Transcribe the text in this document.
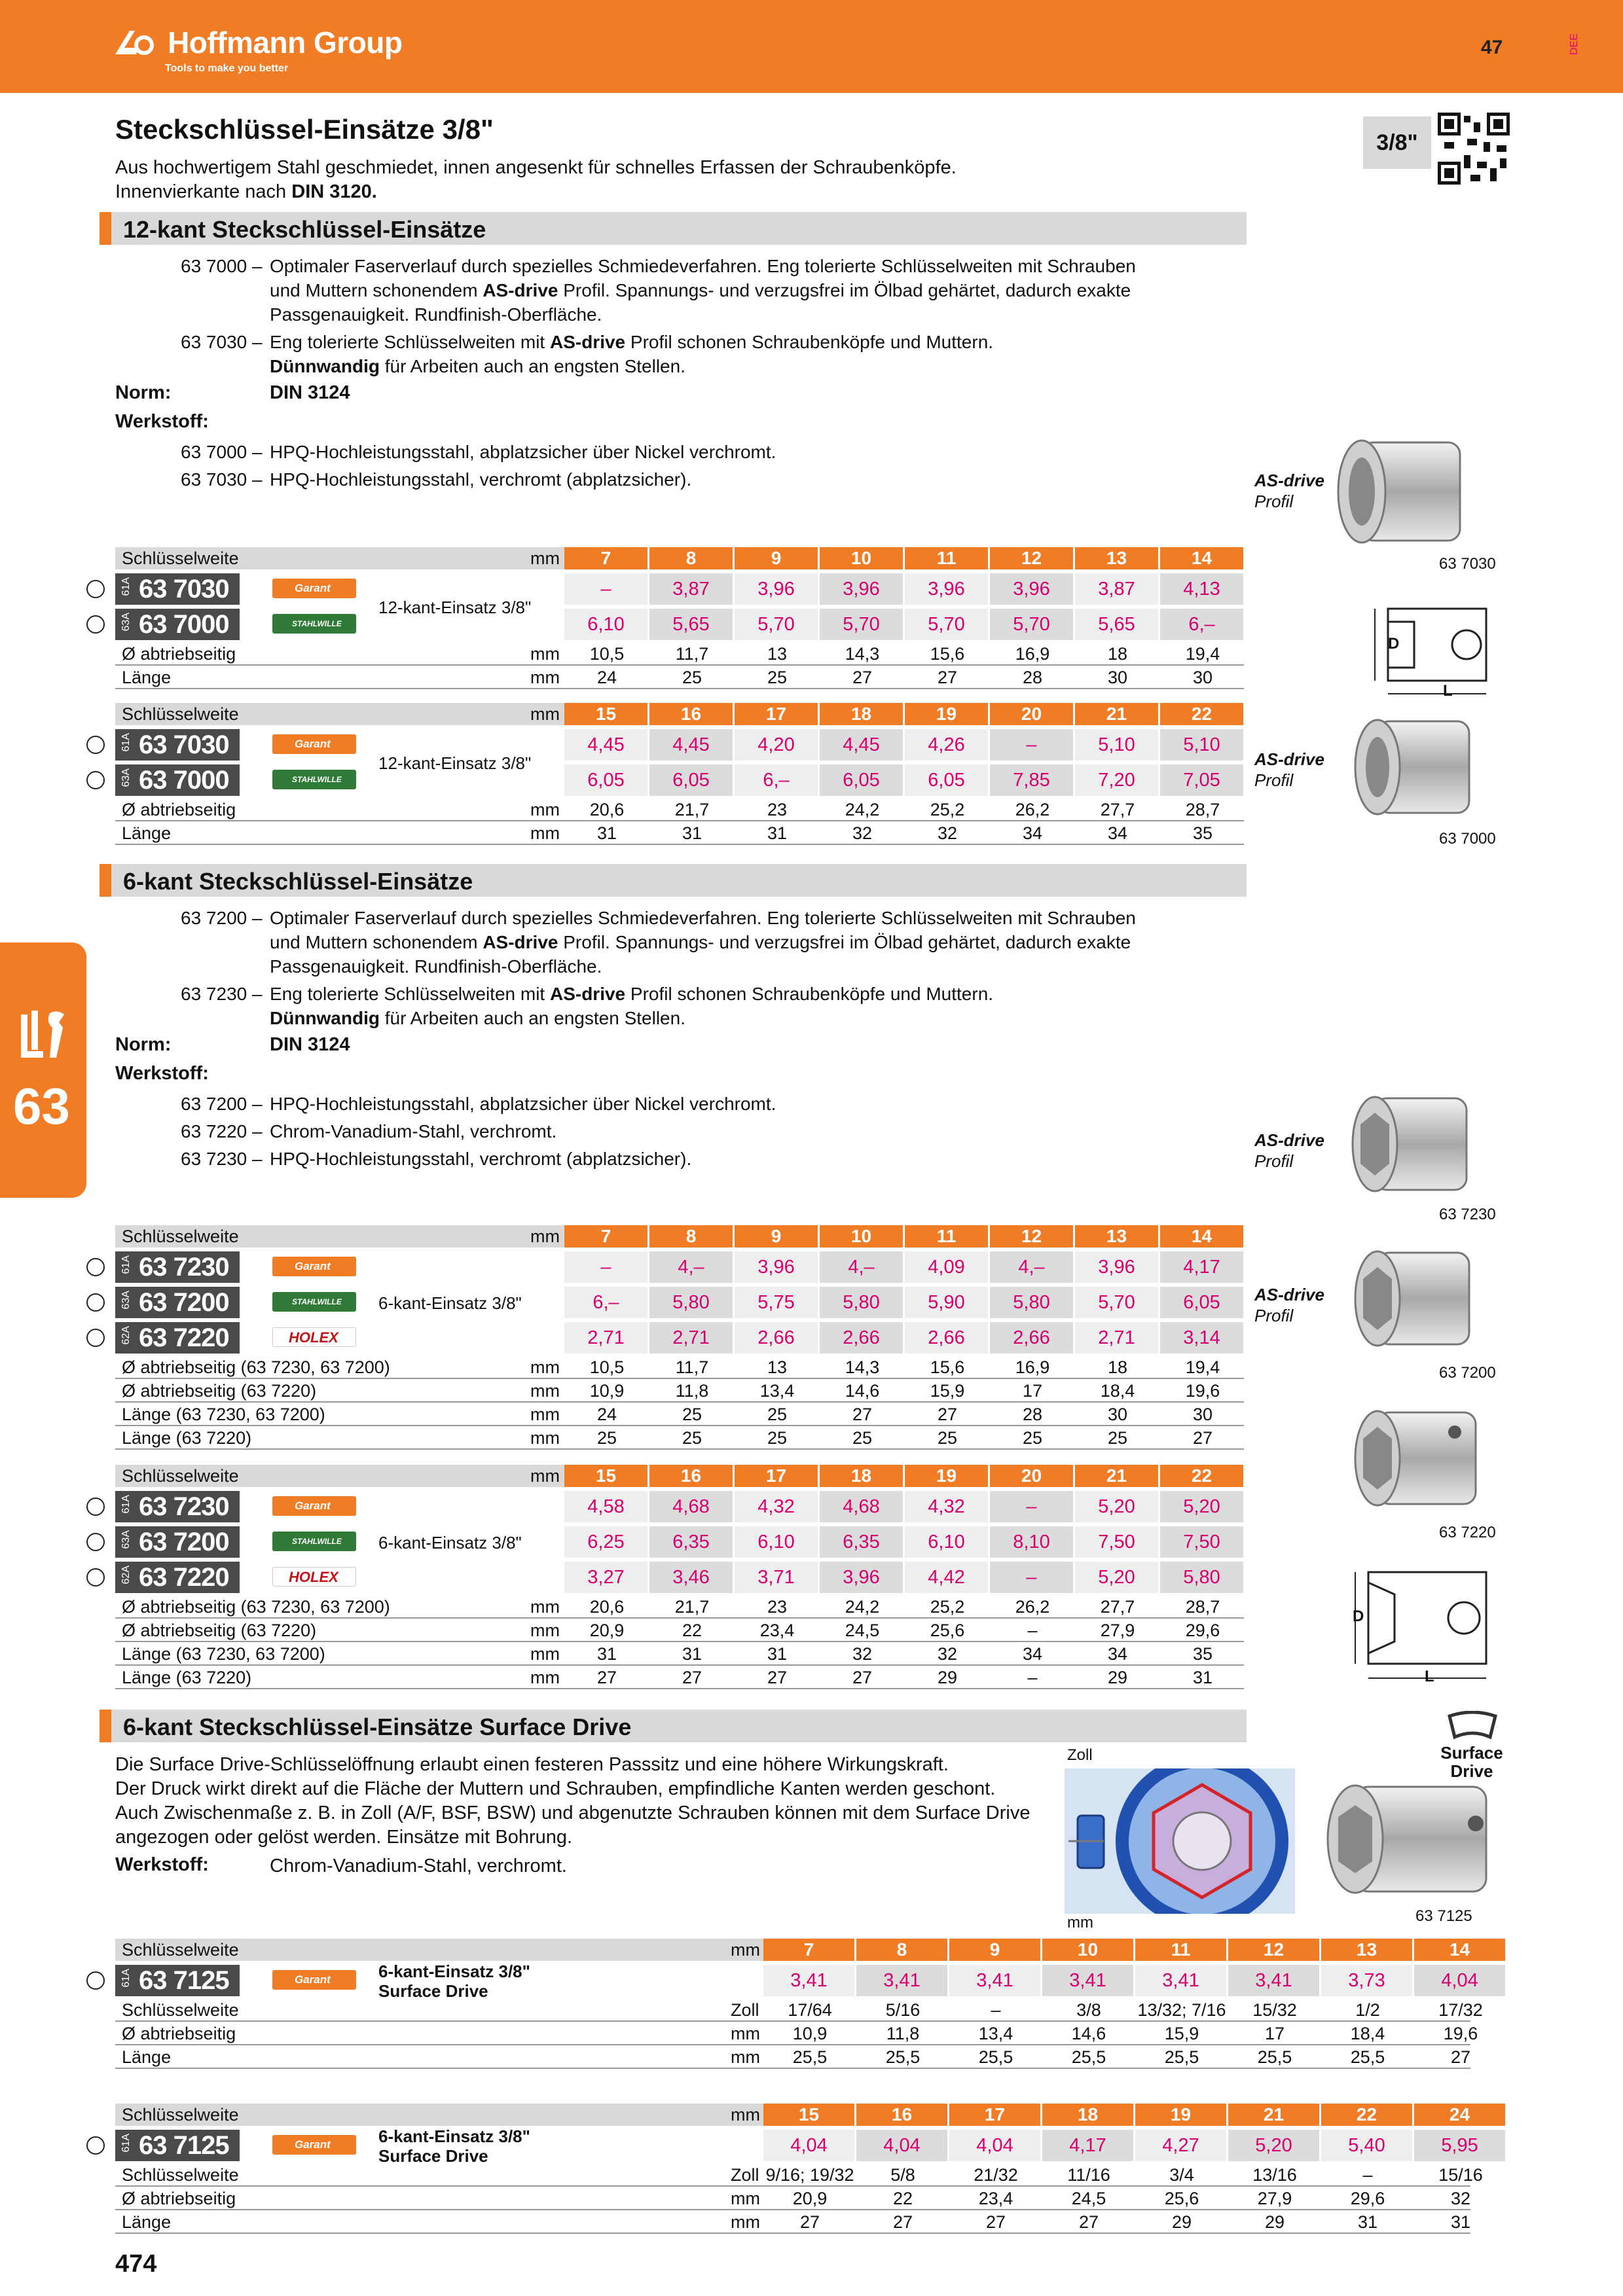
Hoffmann Group
Tools to make you better
47	DEE
63
Steckschlüssel-Einsätze 3/8"
Aus hochwertigem Stahl geschmiedet, innen angesenkt für schnelles Erfassen der Schraubenköpfe.
Innenvierkante nach DIN 3120.
3/8"
12-kant Steckschlüssel-Einsätze
63 7000 – Optimaler Faserverlauf durch spezielles Schmiedeverfahren. Eng tolerierte Schlüsselweiten mit Schrauben
und Muttern schonendem AS-drive Profil. Spannungs- und verzugsfrei im Ölbad gehärtet, dadurch exakte
Passgenauigkeit. Rundfinish-Oberfläche.
63 7030 – Eng tolerierte Schlüsselweiten mit AS-drive Profil schonen Schraubenköpfe und Muttern.
Dünnwandig für Arbeiten auch an engsten Stellen.
Norm:	DIN 3124
Werkstoff:
63 7000 – HPQ-Hochleistungsstahl, abplatzsicher über Nickel verchromt.
63 7030 – HPQ-Hochleistungsstahl, verchromt (abplatzsicher).
6-kant Steckschlüssel-Einsätze
63 7200 – Optimaler Faserverlauf durch spezielles Schmiedeverfahren. Eng tolerierte Schlüsselweiten mit Schrauben
und Muttern schonendem AS-drive Profil. Spannungs- und verzugsfrei im Ölbad gehärtet, dadurch exakte
Passgenauigkeit. Rundfinish-Oberfläche.
63 7230 – Eng tolerierte Schlüsselweiten mit AS-drive Profil schonen Schraubenköpfe und Muttern.
Dünnwandig für Arbeiten auch an engsten Stellen.
Norm:	DIN 3124
Werkstoff:
63 7200 – HPQ-Hochleistungsstahl, abplatzsicher über Nickel verchromt.
63 7220 – Chrom-Vanadium-Stahl, verchromt.
63 7230 – HPQ-Hochleistungsstahl, verchromt (abplatzsicher).
6-kant Steckschlüssel-Einsätze Surface Drive
Die Surface Drive-Schlüsselöffnung erlaubt einen festeren Passsitz und eine höhere Wirkungskraft.
Der Druck wirkt direkt auf die Fläche der Muttern und Schrauben, empfindliche Kanten werden geschont.
Auch Zwischenmaße z. B. in Zoll (A/F, BSF, BSW) und abgenutzte Schrauben können mit dem Surface Drive
angezogen oder gelöst werden. Einsätze mit Bohrung.
Werkstoff:	Chrom-Vanadium-Stahl, verchromt.
Zoll
mm
Surface Drive
AS-drive
Profil
63 7030
D
L
AS-drive
Profil
63 7000
AS-drive
Profil
63 7230
AS-drive
Profil
63 7200
63 7220
D
L
63 7125
Schlüsselweite	mm	7	8	9	10	11	12	13	14
61A 63 7030	Garant	–	3,87	3,96	3,96	3,96	3,96	3,87	4,13
63A 63 7000	STAHLWILLE	6,10	5,65	5,70	5,70	5,70	5,70	5,65	6,–
12-kant-Einsatz 3/8"
Ø abtriebseitig	mm	10,5	11,7	13	14,3	15,6	16,9	18	19,4
Länge	mm	24	25	25	27	27	28	30	30
Schlüsselweite	mm	15	16	17	18	19	20	21	22
61A 63 7030	Garant	4,45	4,45	4,20	4,45	4,26	–	5,10	5,10
63A 63 7000	STAHLWILLE	6,05	6,05	6,–	6,05	6,05	7,85	7,20	7,05
12-kant-Einsatz 3/8"
Ø abtriebseitig	mm	20,6	21,7	23	24,2	25,2	26,2	27,7	28,7
Länge	mm	31	31	31	32	32	34	34	35
Schlüsselweite	mm	7	8	9	10	11	12	13	14
61A 63 7230	Garant	–	4,–	3,96	4,–	4,09	4,–	3,96	4,17
63A 63 7200	STAHLWILLE	6,–	5,80	5,75	5,80	5,90	5,80	5,70	6,05
62A 63 7220	HOLEX	2,71	2,71	2,66	2,66	2,66	2,66	2,71	3,14
6-kant-Einsatz 3/8"
Ø abtriebseitig (63 7230, 63 7200)	mm	10,5	11,7	13	14,3	15,6	16,9	18	19,4
Ø abtriebseitig (63 7220)	mm	10,9	11,8	13,4	14,6	15,9	17	18,4	19,6
Länge (63 7230, 63 7200)	mm	24	25	25	27	27	28	30	30
Länge (63 7220)	mm	25	25	25	25	25	25	25	27
Schlüsselweite	mm	15	16	17	18	19	20	21	22
61A 63 7230	Garant	4,58	4,68	4,32	4,68	4,32	–	5,20	5,20
63A 63 7200	STAHLWILLE	6,25	6,35	6,10	6,35	6,10	8,10	7,50	7,50
62A 63 7220	HOLEX	3,27	3,46	3,71	3,96	4,42	–	5,20	5,80
6-kant-Einsatz 3/8"
Ø abtriebseitig (63 7230, 63 7200)	mm	20,6	21,7	23	24,2	25,2	26,2	27,7	28,7
Ø abtriebseitig (63 7220)	mm	20,9	22	23,4	24,5	25,6	–	27,9	29,6
Länge (63 7230, 63 7200)	mm	31	31	31	32	32	34	34	35
Länge (63 7220)	mm	27	27	27	27	29	–	29	31
Schlüsselweite	mm	7	8	9	10	11	12	13	14
61A 63 7125	Garant	3,41	3,41	3,41	3,41	3,41	3,41	3,73	4,04
6-kant-Einsatz 3/8"
Surface Drive
Schlüsselweite	Zoll	17/64	5/16	–	3/8	13/32; 7/16	15/32	1/2	17/32
Ø abtriebseitig	mm	10,9	11,8	13,4	14,6	15,9	17	18,4	19,6
Länge	mm	25,5	25,5	25,5	25,5	25,5	25,5	25,5	27
Schlüsselweite	mm	15	16	17	18	19	21	22	24
61A 63 7125	Garant	4,04	4,04	4,04	4,17	4,27	5,20	5,40	5,95
6-kant-Einsatz 3/8"
Surface Drive
Schlüsselweite	Zoll 9/16; 19/32	5/8	21/32	11/16	3/4	13/16	–	15/16
Ø abtriebseitig	mm	20,9	22	23,4	24,5	25,6	27,9	29,6	32
Länge	mm	27	27	27	27	29	29	31	31
474
